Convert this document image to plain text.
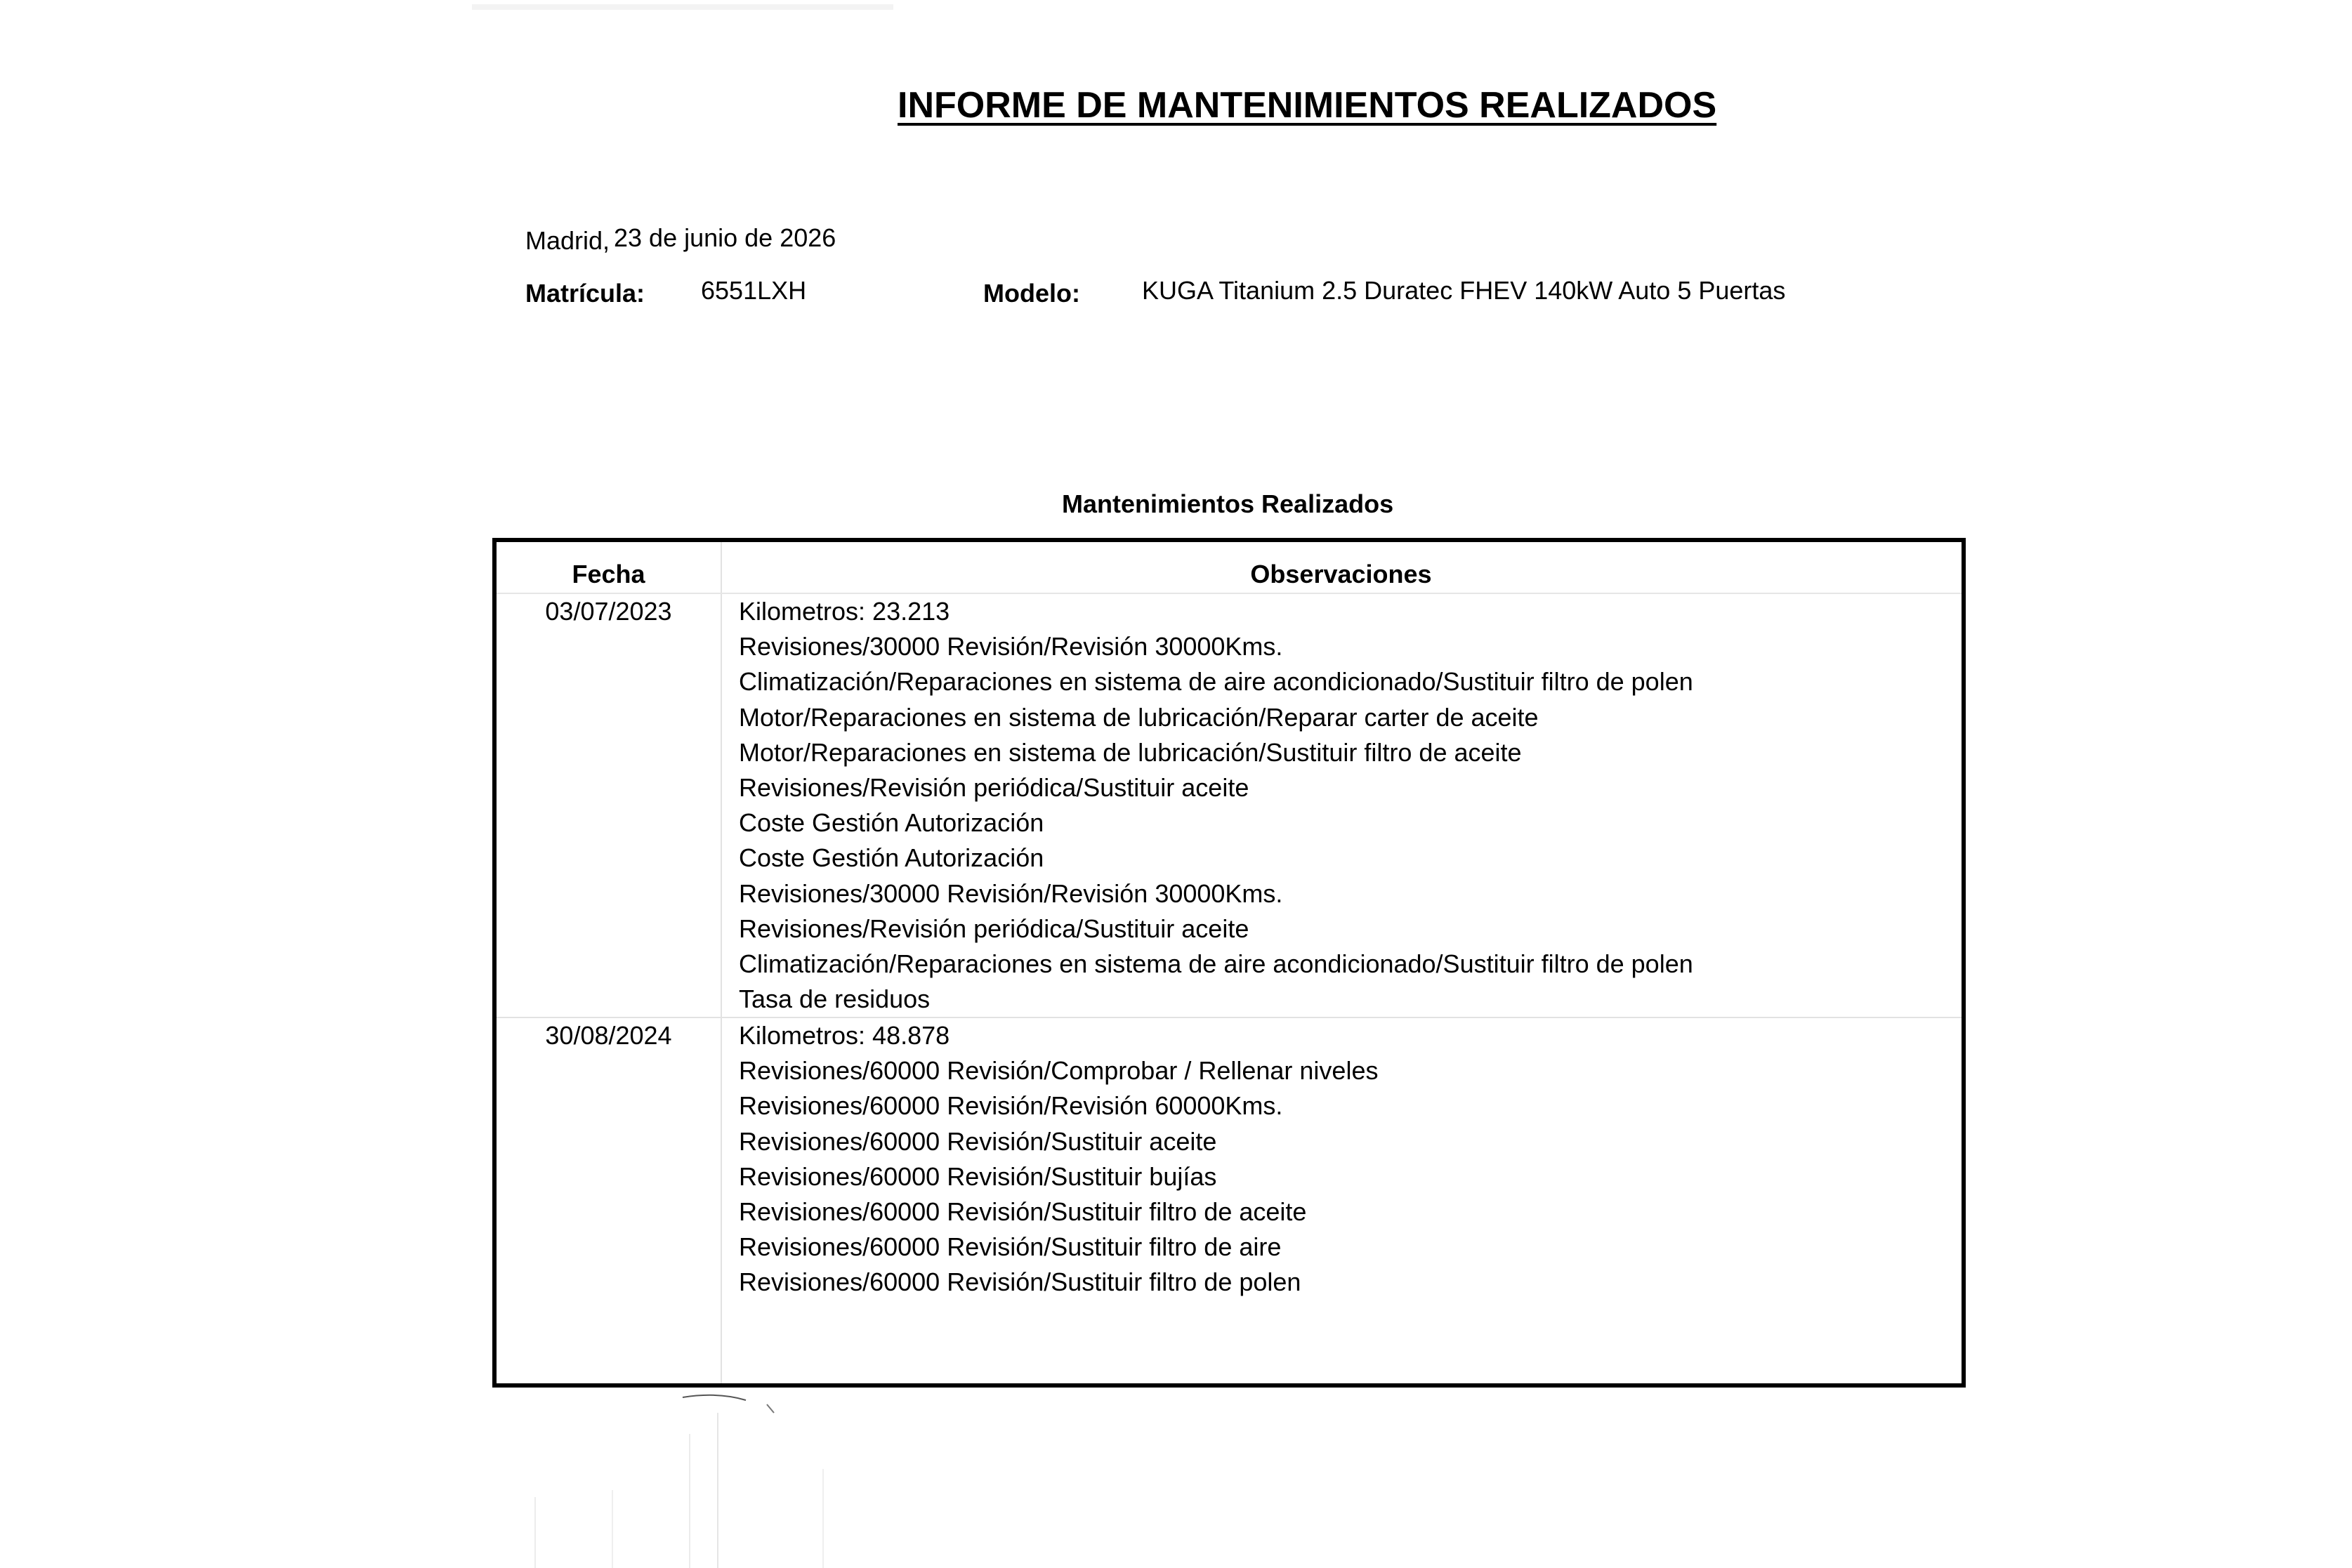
INFORME DE MANTENIMIENTOS REALIZADOS
Madrid, 23 de junio de 2026
Matrícula: 6551LXH	Modelo: KUGA Titanium 2.5 Duratec FHEV 140kW Auto 5 Puertas
Mantenimientos Realizados
Fecha	Observaciones
03/07/2023	Kilometros: 23.213
Revisiones/30000 Revisión/Revisión 30000Kms.
Climatización/Reparaciones en sistema de aire acondicionado/Sustituir filtro de polen
Motor/Reparaciones en sistema de lubricación/Reparar carter de aceite
Motor/Reparaciones en sistema de lubricación/Sustituir filtro de aceite
Revisiones/Revisión periódica/Sustituir aceite
Coste Gestión Autorización
Coste Gestión Autorización
Revisiones/30000 Revisión/Revisión 30000Kms.
Revisiones/Revisión periódica/Sustituir aceite
Climatización/Reparaciones en sistema de aire acondicionado/Sustituir filtro de polen
Tasa de residuos
30/08/2024	Kilometros: 48.878
Revisiones/60000 Revisión/Comprobar / Rellenar niveles
Revisiones/60000 Revisión/Revisión 60000Kms.
Revisiones/60000 Revisión/Sustituir aceite
Revisiones/60000 Revisión/Sustituir bujías
Revisiones/60000 Revisión/Sustituir filtro de aceite
Revisiones/60000 Revisión/Sustituir filtro de aire
Revisiones/60000 Revisión/Sustituir filtro de polen
